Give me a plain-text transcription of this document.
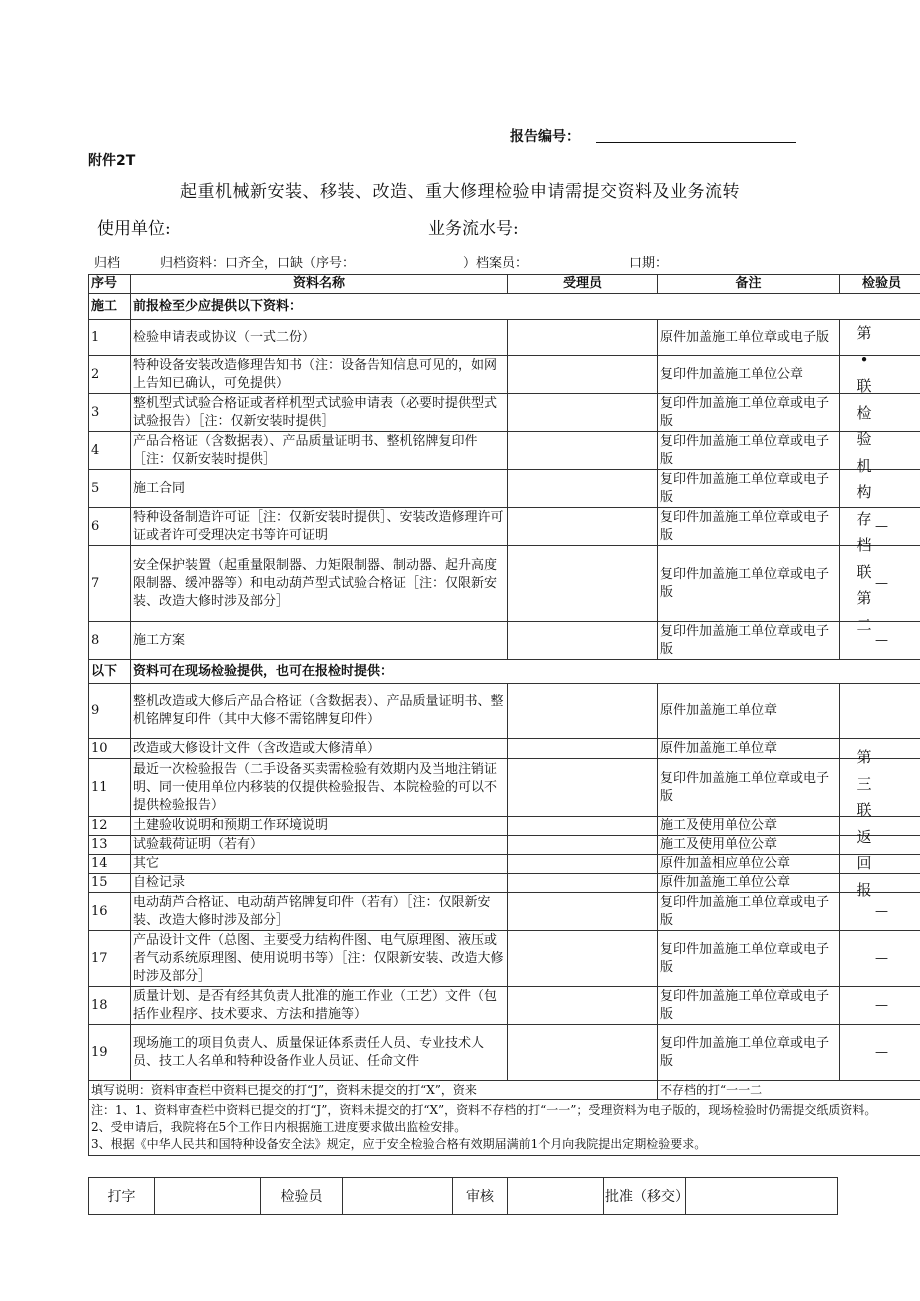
报告编号：
附件2T
起重机械新安装、移装、改造、重大修理检验申请需提交资料及业务流转
使用单位:	业务流水号:
归档	归档资料：口齐全，口缺（序号：	）档案员：	口期：
序号	资料名称	受理员	备注	检验员
施工	前报检至少应提供以下资料：			
1	检验申请表或协议（一式二份）		原件加盖施工单位章或电子版	
2	特种设备安装改造修理告知书（注：设备告知信息可见的，如网上告知已确认，可免提供）		复印件加盖施工单位公章	
3	整机型式试验合格证或者样机型式试验申请表（必要时提供型式试验报告）［注：仅新安装时提供］		复印件加盖施工单位章或电子版	
4	产品合格证（含数据表）、产品质量证明书、整机铭牌复印件［注：仅新安装时提供］		复印件加盖施工单位章或电子版	
5	施工合同		复印件加盖施工单位章或电子版	
6	特种设备制造许可证［注：仅新安装时提供］、安装改造修理许可证或者许可受理决定书等许可证明		复印件加盖施工单位章或电子版	—
7	安全保护装置（起重量限制器、力矩限制器、制动器、起升高度限制器、缓冲器等）和电动葫芦型式试验合格证［注：仅限新安装、改造大修时涉及部分］		复印件加盖施工单位章或电子版	—
8	施工方案		复印件加盖施工单位章或电子版	—
以下	资料可在现场检验提供，也可在报检时提供：			
9	整机改造或大修后产品合格证（含数据表）、产品质量证明书、整机铭牌复印件（其中大修不需铭牌复印件）		原件加盖施工单位章	
10	改造或大修设计文件（含改造或大修清单）		原件加盖施工单位章	
11	最近一次检验报告（二手设备买卖需检验有效期内及当地注销证明、同一使用单位内移装的仅提供检验报告、本院检验的可以不提供检验报告）		复印件加盖施工单位章或电子版	
12	土建验收说明和预期工作环境说明		施工及使用单位公章	
13	试验载荷证明（若有）		施工及使用单位公章	
14	其它		原件加盖相应单位公章	
15	自检记录		原件加盖施工单位公章	
16	电动葫芦合格证、电动葫芦铭牌复印件（若有）［注：仅限新安装、改造大修时涉及部分］		复印件加盖施工单位章或电子版	—
17	产品设计文件（总图、主要受力结构件图、电气原理图、液压或者气动系统原理图、使用说明书等）［注：仅限新安装、改造大修时涉及部分］		复印件加盖施工单位章或电子版	—
18	质量计划、是否有经其负责人批准的施工作业（工艺）文件（包括作业程序、技术要求、方法和措施等）		复印件加盖施工单位章或电子版	—
19	现场施工的项目负责人、质量保证体系责任人员、专业技术人员、技工人名单和特种设备作业人员证、任命文件		复印件加盖施工单位章或电子版	—
填写说明：资料审查栏中资料已提交的打“J”，资料未提交的打“X”，资来			不存档的打“一一二	

注：1、1、资料审查栏中资料已提交的打“J”，资料未提交的打“X”，资料不存档的打“一一”；受理资料为电子版的，现场检验时仍需提交纸质资料。
2、受申请后，我院将在5个工作日内根据施工进度要求做出监检安排。
3、根据《中华人民共和国特种设备安全法》规定，应于安全检验合格有效期届满前1个月向我院提出定期检验要求。				
第
•
联
检
验
机
构
存
档
联
第
二
第
三
联
返
回
报
打字		检验员		审核		批准（移交）	
